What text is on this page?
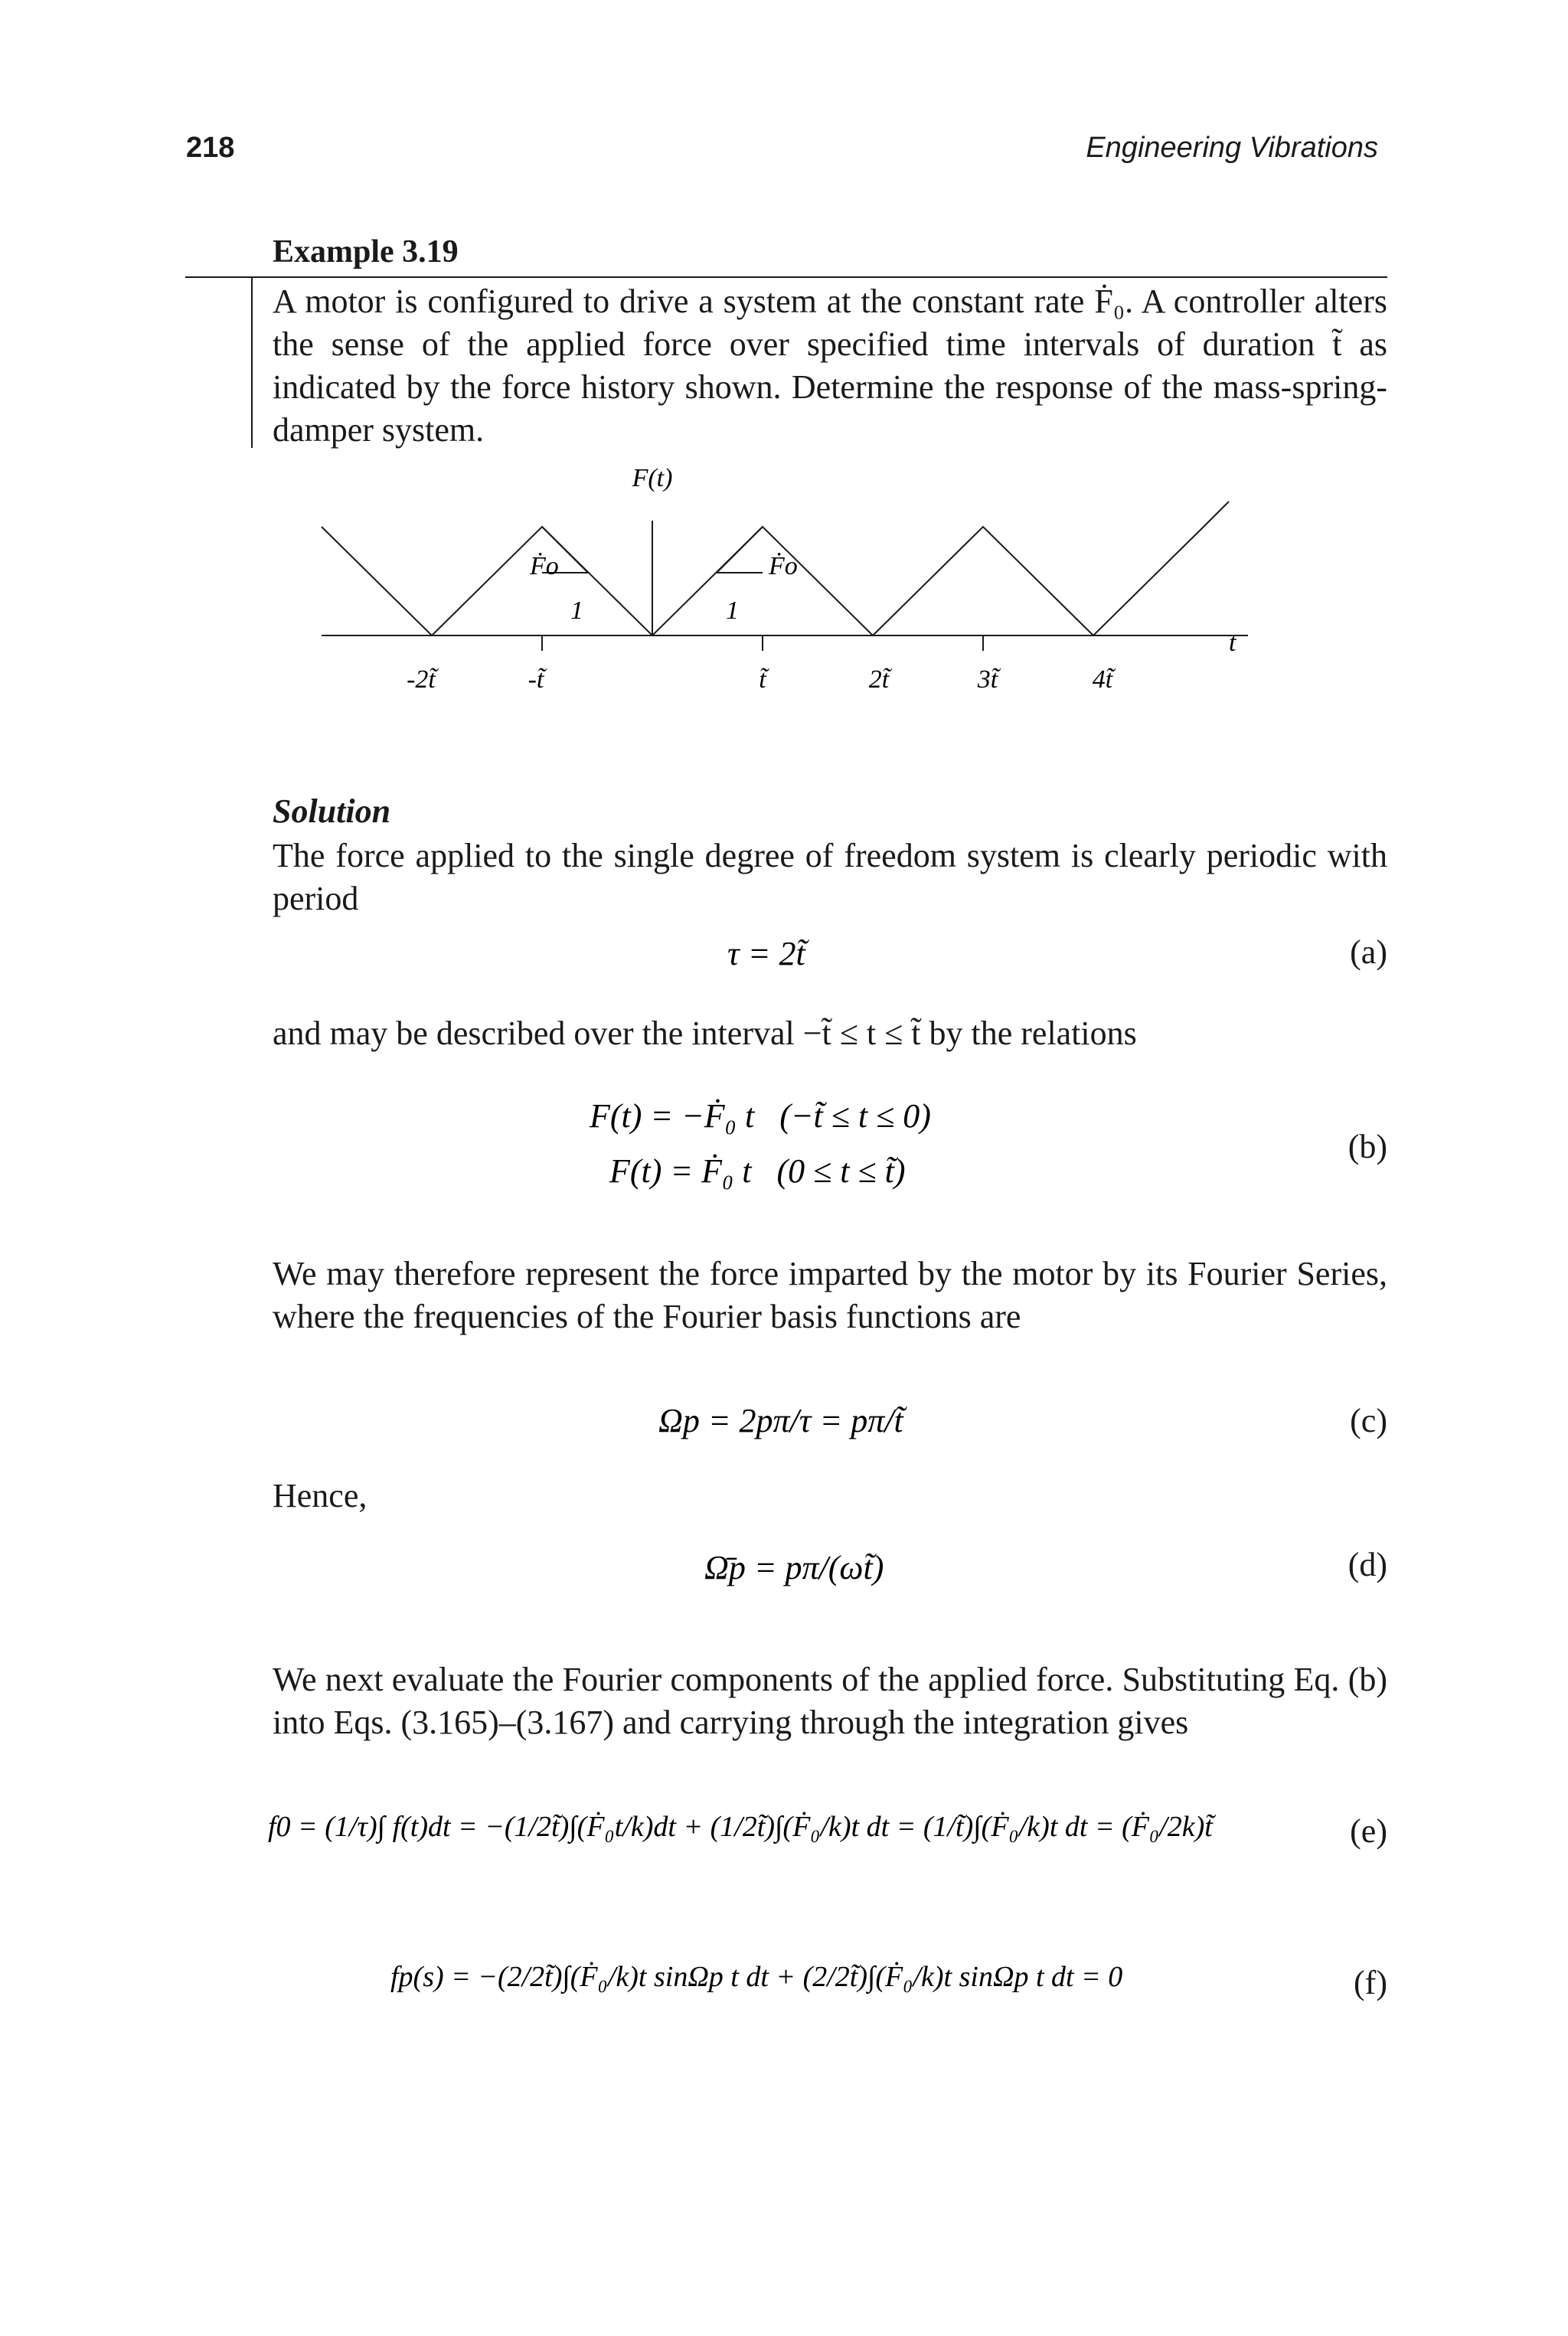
218	Engineering Vibrations
Example 3.19
A motor is configured to drive a system at the constant rate Ḟ₀. A controller alters the sense of the applied force over specified time intervals of duration t̃ as indicated by the force history shown. Determine the response of the mass-spring-damper system.
F(t)
t
Ḟo
1
Ḟo
1
-2t̃	-t̃	t̃	2t̃	3t̃	4t̃
Solution
The force applied to the single degree of freedom system is clearly periodic with period
τ = 2t̃	(a)
and may be described over the interval −t̃ ≤ t ≤ t̃ by the relations
F(t) = −Ḟ₀ t   (−t̃ ≤ t ≤ 0)
F(t) = Ḟ₀ t   (0 ≤ t ≤ t̃)
(b)
We may therefore represent the force imparted by the motor by its Fourier Series, where the frequencies of the Fourier basis functions are
Ωp = 2pπ/τ = pπ/t̃	(c)
Hence,
Ω̄p = pπ/(ωt̃)	(d)
We next evaluate the Fourier components of the applied force. Substituting Eq. (b) into Eqs. (3.165)–(3.167) and carrying through the integration gives
f0 = (1/τ)∫ f(t)dt = −(1/2t̃)∫(Ḟ₀t/k)dt + (1/2t̃)∫(Ḟ₀/k)t dt = (1/t̃)∫(Ḟ₀/k)t dt = (Ḟ₀/2k)t̃	(e)
fp(s) = −(2/2t̃)∫(Ḟ₀/k)t sinΩp t dt + (2/2t̃)∫(Ḟ₀/k)t sinΩp t dt = 0	(f)
